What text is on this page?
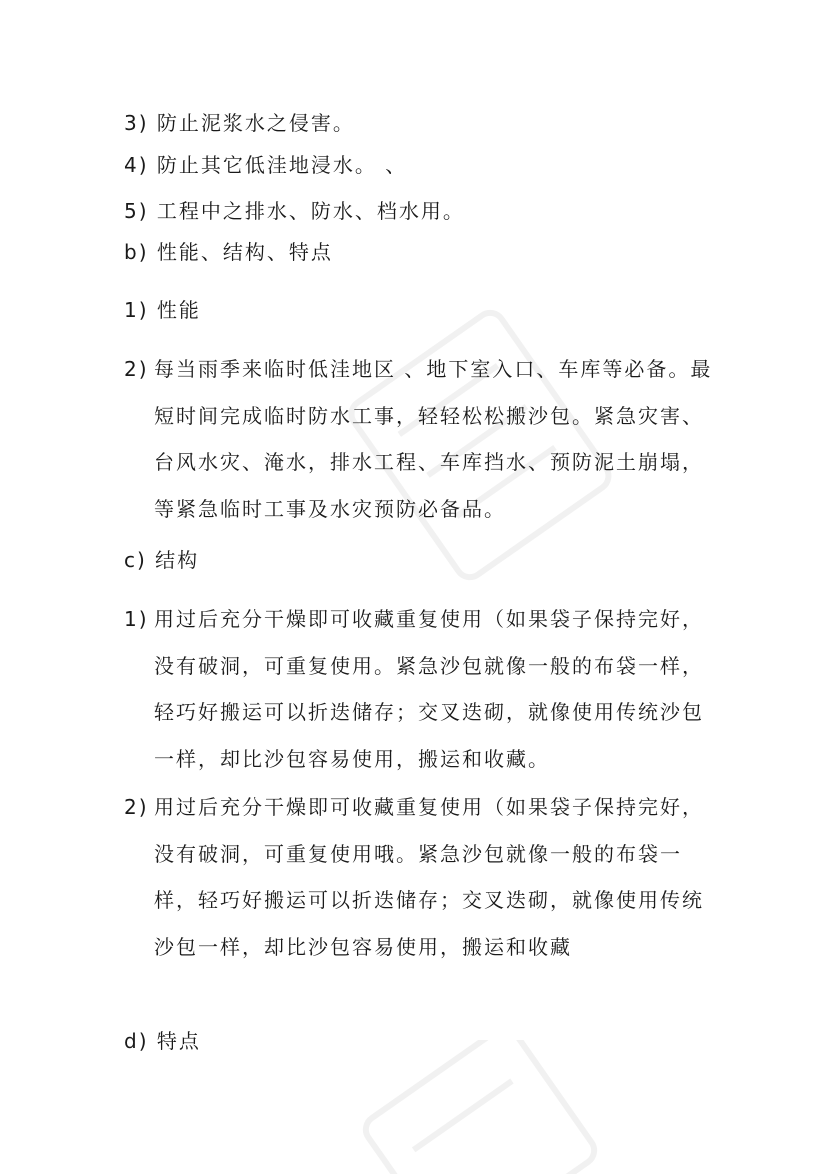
3) 防止泥浆水之侵害。
4) 防止其它低洼地浸水。 、
5) 工程中之排水、防水、档水用。
b) 性能、结构、特点
1) 性能
2) 每当雨季来临时低洼地区 、地下室入口、车库等必备。最短时间完成临时防水工事，轻轻松松搬沙包。紧急灾害、台风水灾、淹水，排水工程、车库挡水、预防泥土崩塌，等紧急临时工事及水灾预防必备品。
c) 结构
1) 用过后充分干燥即可收藏重复使用（如果袋子保持完好，没有破洞，可重复使用。紧急沙包就像一般的布袋一样，轻巧好搬运可以折迭储存；交叉迭砌，就像使用传统沙包一样，却比沙包容易使用，搬运和收藏。
2) 用过后充分干燥即可收藏重复使用（如果袋子保持完好，没有破洞，可重复使用哦。紧急沙包就像一般的布袋一样，轻巧好搬运可以折迭储存；交叉迭砌，就像使用传统沙包一样，却比沙包容易使用，搬运和收藏
d) 特点
